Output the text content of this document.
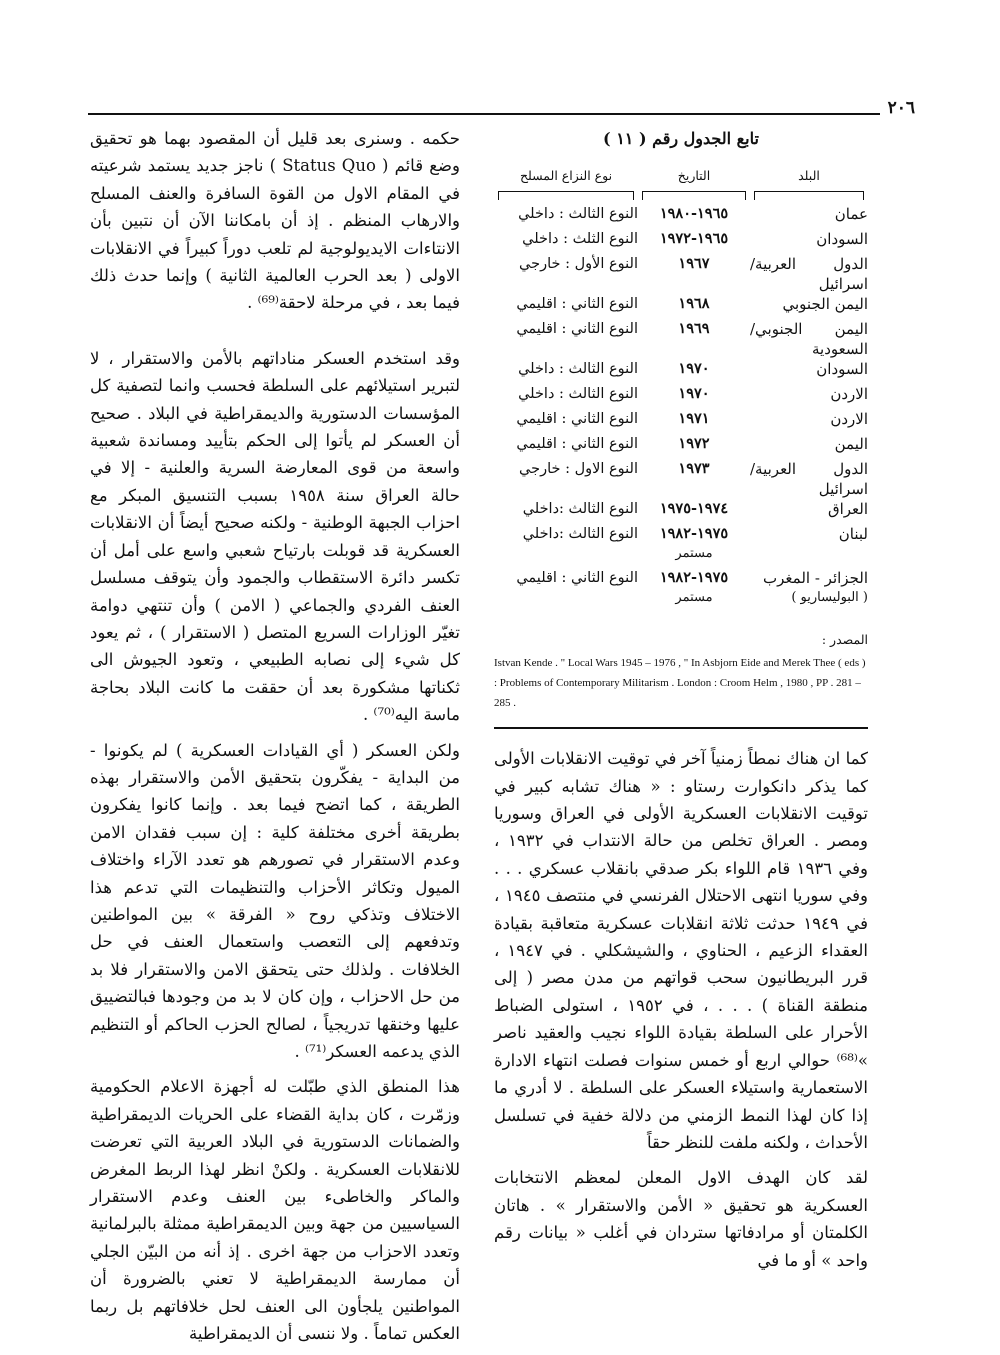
٢٠٦
تابع الجدول رقم ( ١١ )
البلد
التاريخ
نوع النزاع المسلح
عمان
١٩٦٥-١٩٨٠
النوع الثالث : داخلي
السودان
١٩٦٥-١٩٧٢
النوع الثلث : داخلي
الدول العربية/ اسرائيل
١٩٦٧
النوع الأول : خارجي
اليمن الجنوبي
١٩٦٨
النوع الثاني : اقليمي
اليمن الجنوبي/السعودية
١٩٦٩
النوع الثاني : اقليمي
السودان
١٩٧٠
النوع الثالث : داخلي
الاردن
١٩٧٠
النوع الثالث : داخلي
الاردن
١٩٧١
النوع الثاني : اقليمي
اليمن
١٩٧٢
النوع الثاني : اقليمي
الدول العربية/اسرائيل
١٩٧٣
النوع الاول : خارجي
العراق
١٩٧٤-١٩٧٥
النوع الثالث :داخلي
لبنان
١٩٧٥-١٩٨٢
مستمر
النوع الثالث :داخلي
الجزائر - المغرب
( البوليساريو )
١٩٧٥-١٩٨٢
مستمر
النوع الثاني : اقليمي
المصدر :
Istvan Kende . " Local Wars 1945 – 1976 , " In Asbjorn Eide and Merek Thee ( eds ) : Problems of Contemporary Militarism . London : Croom Helm , 1980 , PP . 281 – 285 .

كما ان هناك نمطاً زمنياً آخر في توقيت الانقلابات الأولى كما يذكر دانكوارت رستاو : « هناك تشابه كبير في توقيت الانقلابات العسكرية الأولى في العراق وسوريا ومصر . العراق تخلص من حالة الانتداب في ١٩٣٢ ، وفي ١٩٣٦ قام اللواء بكر صدقي بانقلاب عسكري . . . وفي سوريا انتهى الاحتلال الفرنسي في منتصف ١٩٤٥ ، في ١٩٤٩ حدثت ثلاثة انقلابات عسكرية متعاقبة بقيادة العقداء الزعيم ، الحناوي ، والشيشكلي . في ١٩٤٧ ، قرر البريطانيون سحب قواتهم من مدن مصر ( إلى منطقة القناة ) . . . ، في ١٩٥٢ ، استولى الضباط الأحرار على السلطة بقيادة اللواء نجيب والعقيد ناصر »⁽⁶⁸⁾ حوالي اربع أو خمس سنوات فصلت انتهاء الادارة الاستعمارية واستيلاء العسكر على السلطة . لا أدري ما إذا كان لهذا النمط الزمني من دلالة خفية في تسلسل الأحداث ، ولكنه ملفت للنظر حقاً

لقد كان الهدف الاول المعلن لمعظم الانتخابات العسكرية هو تحقيق « الأمن والاستقرار » . هاتان الكلمتان أو مرادفاتها ستردان في أغلب « بيانات رقم واحد » أو ما في

حكمه . وسنرى بعد قليل أن المقصود بهما هو تحقيق وضع قائم ( Status Quo ) ناجز جديد يستمد شرعيته في المقام الاول من القوة السافرة والعنف المسلح والارهاب المنظم . إذ أن بامكاننا الآن أن نتبين بأن الانتاءات الايديولوجية لم تلعب دوراً كبيراً في الانقلابات الاولى ( بعد الحرب العالمية الثانية ) وإنما حدث ذلك فيما بعد ، في مرحلة لاحقة⁽⁶⁹⁾ .

وقد استخدم العسكر مناداتهم بالأمن والاستقرار ، لا لتبرير استيلائهم على السلطة فحسب وانما لتصفية كل المؤسسات الدستورية والديمقراطية في البلاد . صحيح أن العسكر لم يأتوا إلى الحكم بتأييد ومساندة شعبية واسعة من قوى المعارضة السرية والعلنية - إلا في حالة العراق سنة ١٩٥٨ بسبب التنسيق المبكر مع احزاب الجبهة الوطنية - ولكنه صحيح أيضاً أن الانقلابات العسكرية قد قوبلت بارتياح شعبي واسع على أمل أن تكسر دائرة الاستقطاب والجمود وأن يتوقف مسلسل العنف الفردي والجماعي ( الامن ) وأن تنتهي دوامة تغيّر الوزارات السريع المتصل ( الاستقرار ) ، ثم يعود كل شيء إلى نصابه الطبيعي ، وتعود الجيوش الى ثكناتها مشكورة بعد أن حققت ما كانت البلاد بحاجة ماسة اليه⁽⁷⁰⁾ .

ولكن العسكر ( أي القيادات العسكرية ) لم يكونوا - من البداية - يفكّرون بتحقيق الأمن والاستقرار بهذه الطريقة ، كما اتضح فيما بعد . وإنما كانوا يفكرون بطريقة أخرى مختلفة كلية : إن سبب فقدان الامن وعدم الاستقرار في تصورهم هو تعدد الآراء واختلاف الميول وتكاثر الأحزاب والتنظيمات التي تدعم هذا الاختلاف وتذكي روح « الفرقة » بين المواطنين وتدفعهم إلى التعصب واستعمال العنف في حل الخلافات . ولذلك حتى يتحقق الامن والاستقرار فلا بد من حل الاحزاب ، وإن كان لا بد من وجودها فبالتضييق عليها وخنقها تدريجياً ، لصالح الحزب الحاكم أو التنظيم الذي يدعمه العسكر⁽⁷¹⁾ .

هذا المنطق الذي طبّلت له أجهزة الاعلام الحكومية وزمّرت ، كان بداية القضاء على الحريات الديمقراطية والضمانات الدستورية في البلاد العربية التي تعرضت للانقلابات العسكرية . ولكنْ انظر لهذا الربط المغرض والماكر والخاطىء بين العنف وعدم الاستقرار السياسيين من جهة وبين الديمقراطية ممثلة بالبرلمانية وتعدد الاحزاب من جهة اخرى . إذ أنه من البيّن الجلي أن ممارسة الديمقراطية لا تعني بالضرورة أن المواطنين يلجأون الى العنف لحل خلافاتهم بل ربما العكس تماماً . ولا ننسى أن الديمقراطية
